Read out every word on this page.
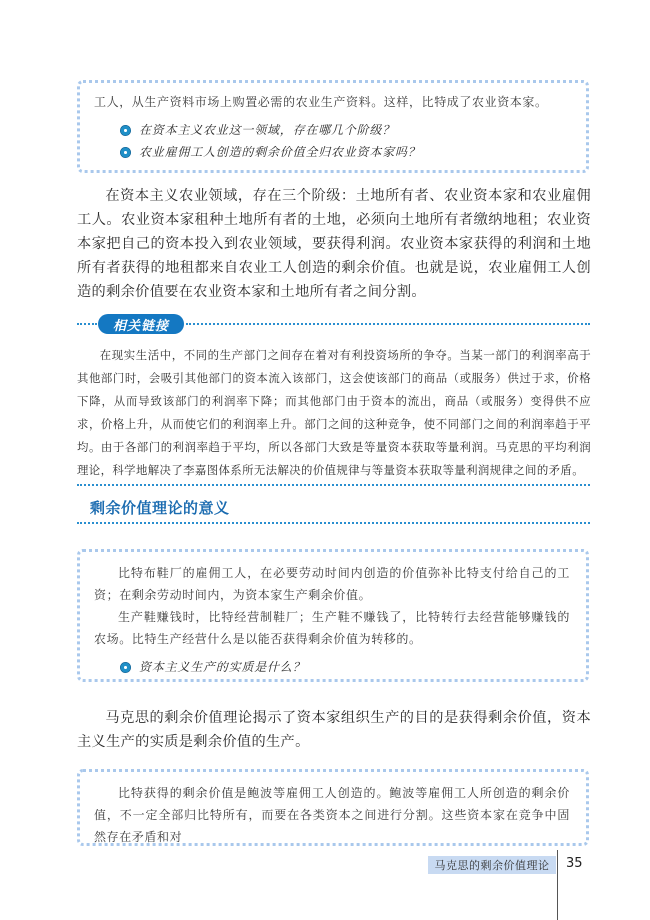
工人，从生产资料市场上购置必需的农业生产资料。这样，比特成了农业资本家。

在资本主义农业这一领域，存在哪几个阶级？
农业雇佣工人创造的剩余价值全归农业资本家吗？

在资本主义农业领域，存在三个阶级：土地所有者、农业资本家和农业雇佣工人。农业资本家租种土地所有者的土地，必须向土地所有者缴纳地租；农业资本家把自己的资本投入到农业领域，要获得利润。农业资本家获得的利润和土地所有者获得的地租都来自农业工人创造的剩余价值。也就是说，农业雇佣工人创造的剩余价值要在农业资本家和土地所有者之间分割。

相关链接

在现实生活中，不同的生产部门之间存在着对有利投资场所的争夺。当某一部门的利润率高于其他部门时，会吸引其他部门的资本流入该部门，这会使该部门的商品（或服务）供过于求，价格下降，从而导致该部门的利润率下降；而其他部门由于资本的流出，商品（或服务）变得供不应求，价格上升，从而使它们的利润率上升。部门之间的这种竞争，使不同部门之间的利润率趋于平均。由于各部门的利润率趋于平均，所以各部门大致是等量资本获取等量利润。马克思的平均利润理论，科学地解决了李嘉图体系所无法解决的价值规律与等量资本获取等量利润规律之间的矛盾。

剩余价值理论的意义

比特布鞋厂的雇佣工人，在必要劳动时间内创造的价值弥补比特支付给自己的工资；在剩余劳动时间内，为资本家生产剩余价值。

生产鞋赚钱时，比特经营制鞋厂；生产鞋不赚钱了，比特转行去经营能够赚钱的农场。比特生产经营什么是以能否获得剩余价值为转移的。

资本主义生产的实质是什么？

马克思的剩余价值理论揭示了资本家组织生产的目的是获得剩余价值，资本主义生产的实质是剩余价值的生产。

比特获得的剩余价值是鲍波等雇佣工人创造的。鲍波等雇佣工人所创造的剩余价值，不一定全部归比特所有，而要在各类资本之间进行分割。这些资本家在竞争中固然存在矛盾和对

马克思的剩余价值理论 35
